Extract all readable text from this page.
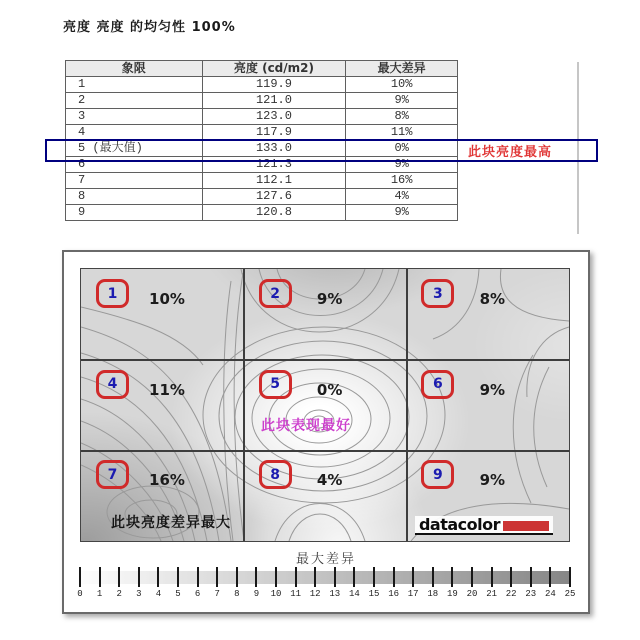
亮度 亮度 的均匀性 100%
象限	亮度 (cd/m2)	最大差异
1	119.9	10%
2	121.0	9%
3	123.0	8%
4	117.9	11%
5 (最大值)	133.0	0%
6	121.3	9%
7	112.1	16%
8	127.6	4%
9	120.8	9%
此块亮度最高
此块表现最好
此块亮度差异最大	datacolor
1	10%	2	9%	3	8%
4	11%	5	0%	6	9%
7	16%	8	4%	9	9%
最大差异
0	1	2	3	4	5	6	7	8	9	10 11 12 13 14 15 16 17 18 19 20 21 22 23 24 25
